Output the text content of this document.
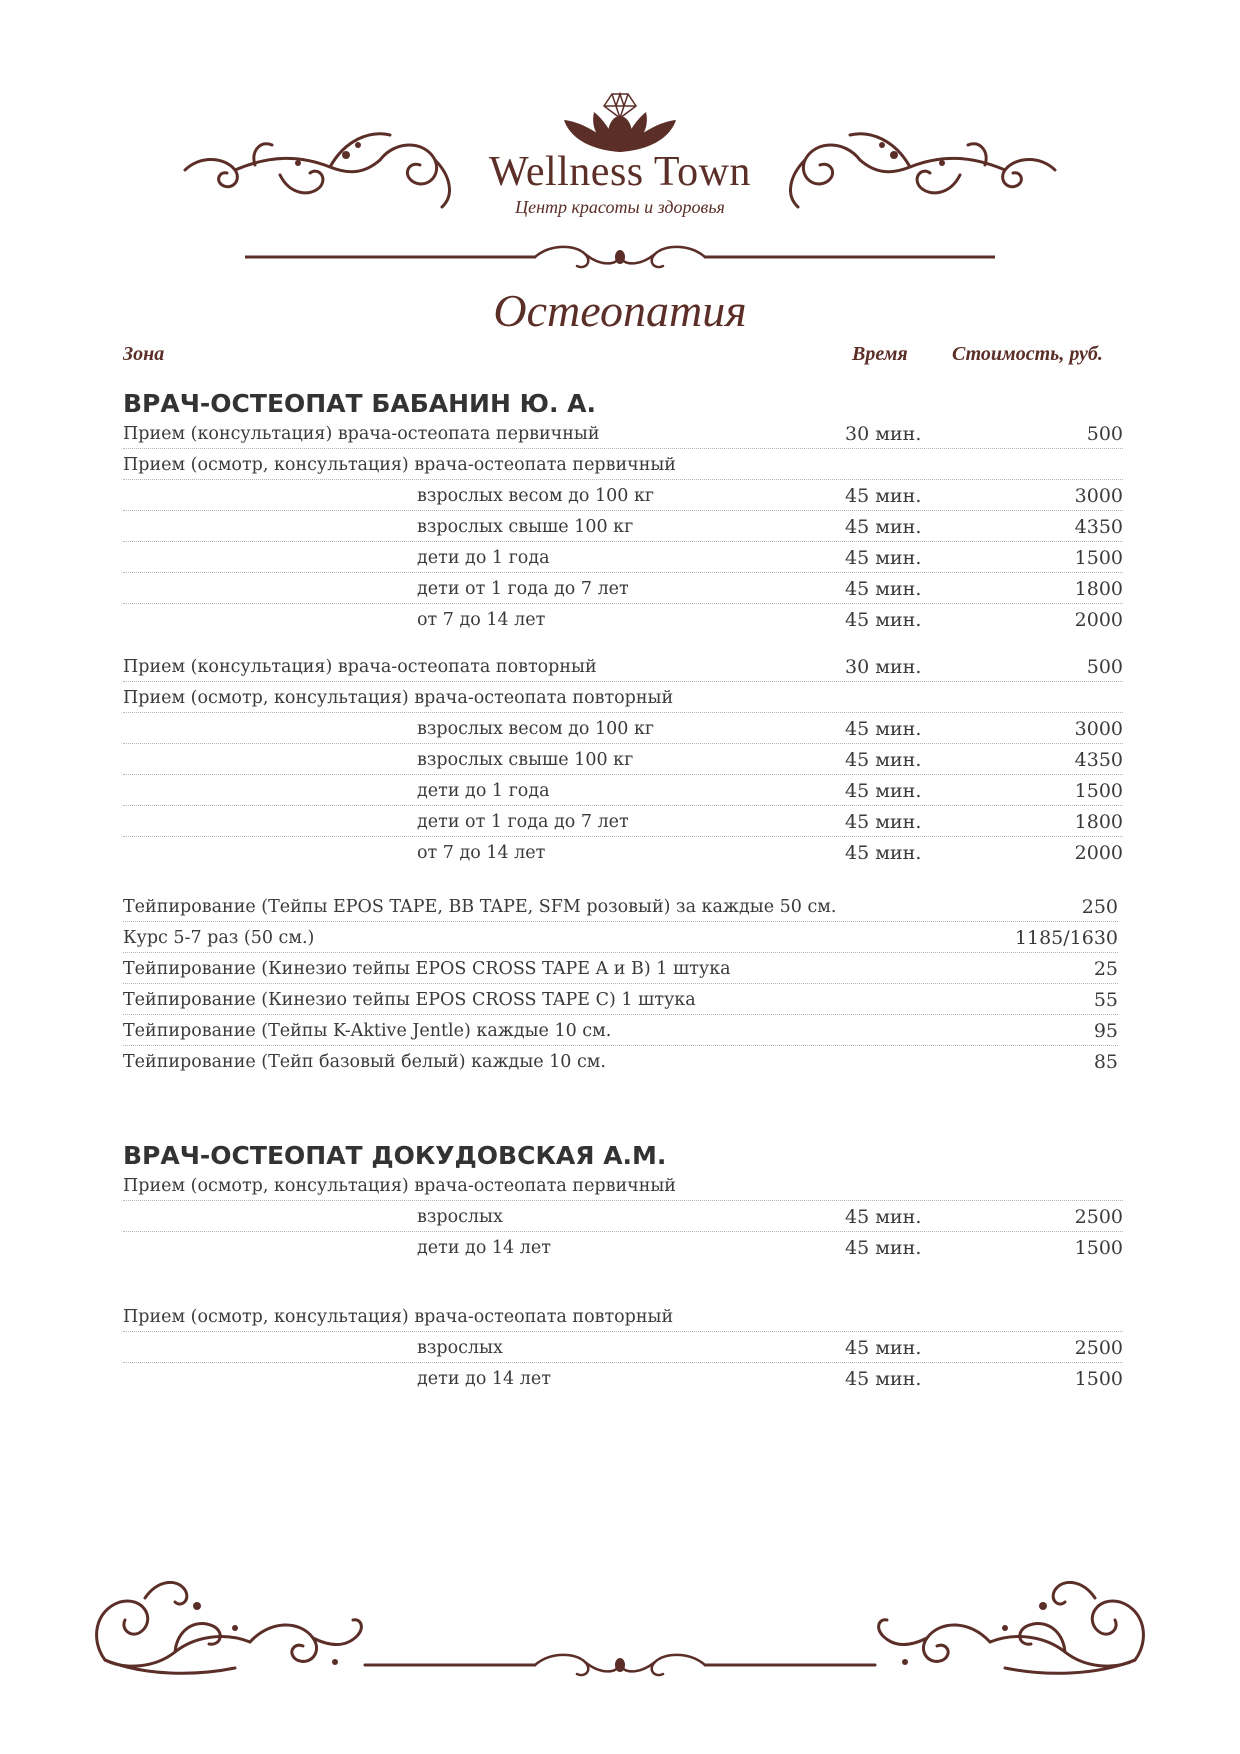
Wellness Town
Центр красоты и здоровья
Остеопатия
Зона	Время Стоимость, руб.
ВРАЧ-ОСТЕОПАТ БАБАНИН Ю. А.
Прием (консультация) врача-остеопата первичный	30 мин.	500
Прием (осмотр, консультация) врача-остеопата первичный
взрослых весом до 100 кг	45 мин.	3000
взрослых свыше 100 кг	45 мин.	4350
дети до 1 года	45 мин.	1500
дети от 1 года до 7 лет	45 мин.	1800
от 7 до 14 лет	45 мин.	2000
Прием (консультация) врача-остеопата повторный	30 мин.	500
Прием (осмотр, консультация) врача-остеопата повторный
взрослых весом до 100 кг	45 мин.	3000
взрослых свыше 100 кг	45 мин.	4350
дети до 1 года	45 мин.	1500
дети от 1 года до 7 лет	45 мин.	1800
от 7 до 14 лет	45 мин.	2000
Тейпирование (Тейпы EPOS TAPE, BB TAPE, SFM розовый) за каждые 50 см.	250
Курс 5-7 раз (50 см.)	1185/1630
Тейпирование (Кинезио тейпы EPOS CROSS TAPE A и B) 1 штука	25
Тейпирование (Кинезио тейпы EPOS CROSS TAPE C) 1 штука	55
Тейпирование (Тейпы K-Aktive Jentle) каждые 10 см.	95
Тейпирование (Тейп базовый белый) каждые 10 см.	85
ВРАЧ-ОСТЕОПАТ ДОКУДОВСКАЯ А.М.
Прием (осмотр, консультация) врача-остеопата первичный
взрослых	45 мин.	2500
дети до 14 лет	45 мин.	1500
Прием (осмотр, консультация) врача-остеопата повторный
взрослых	45 мин.	2500
дети до 14 лет	45 мин.	1500
